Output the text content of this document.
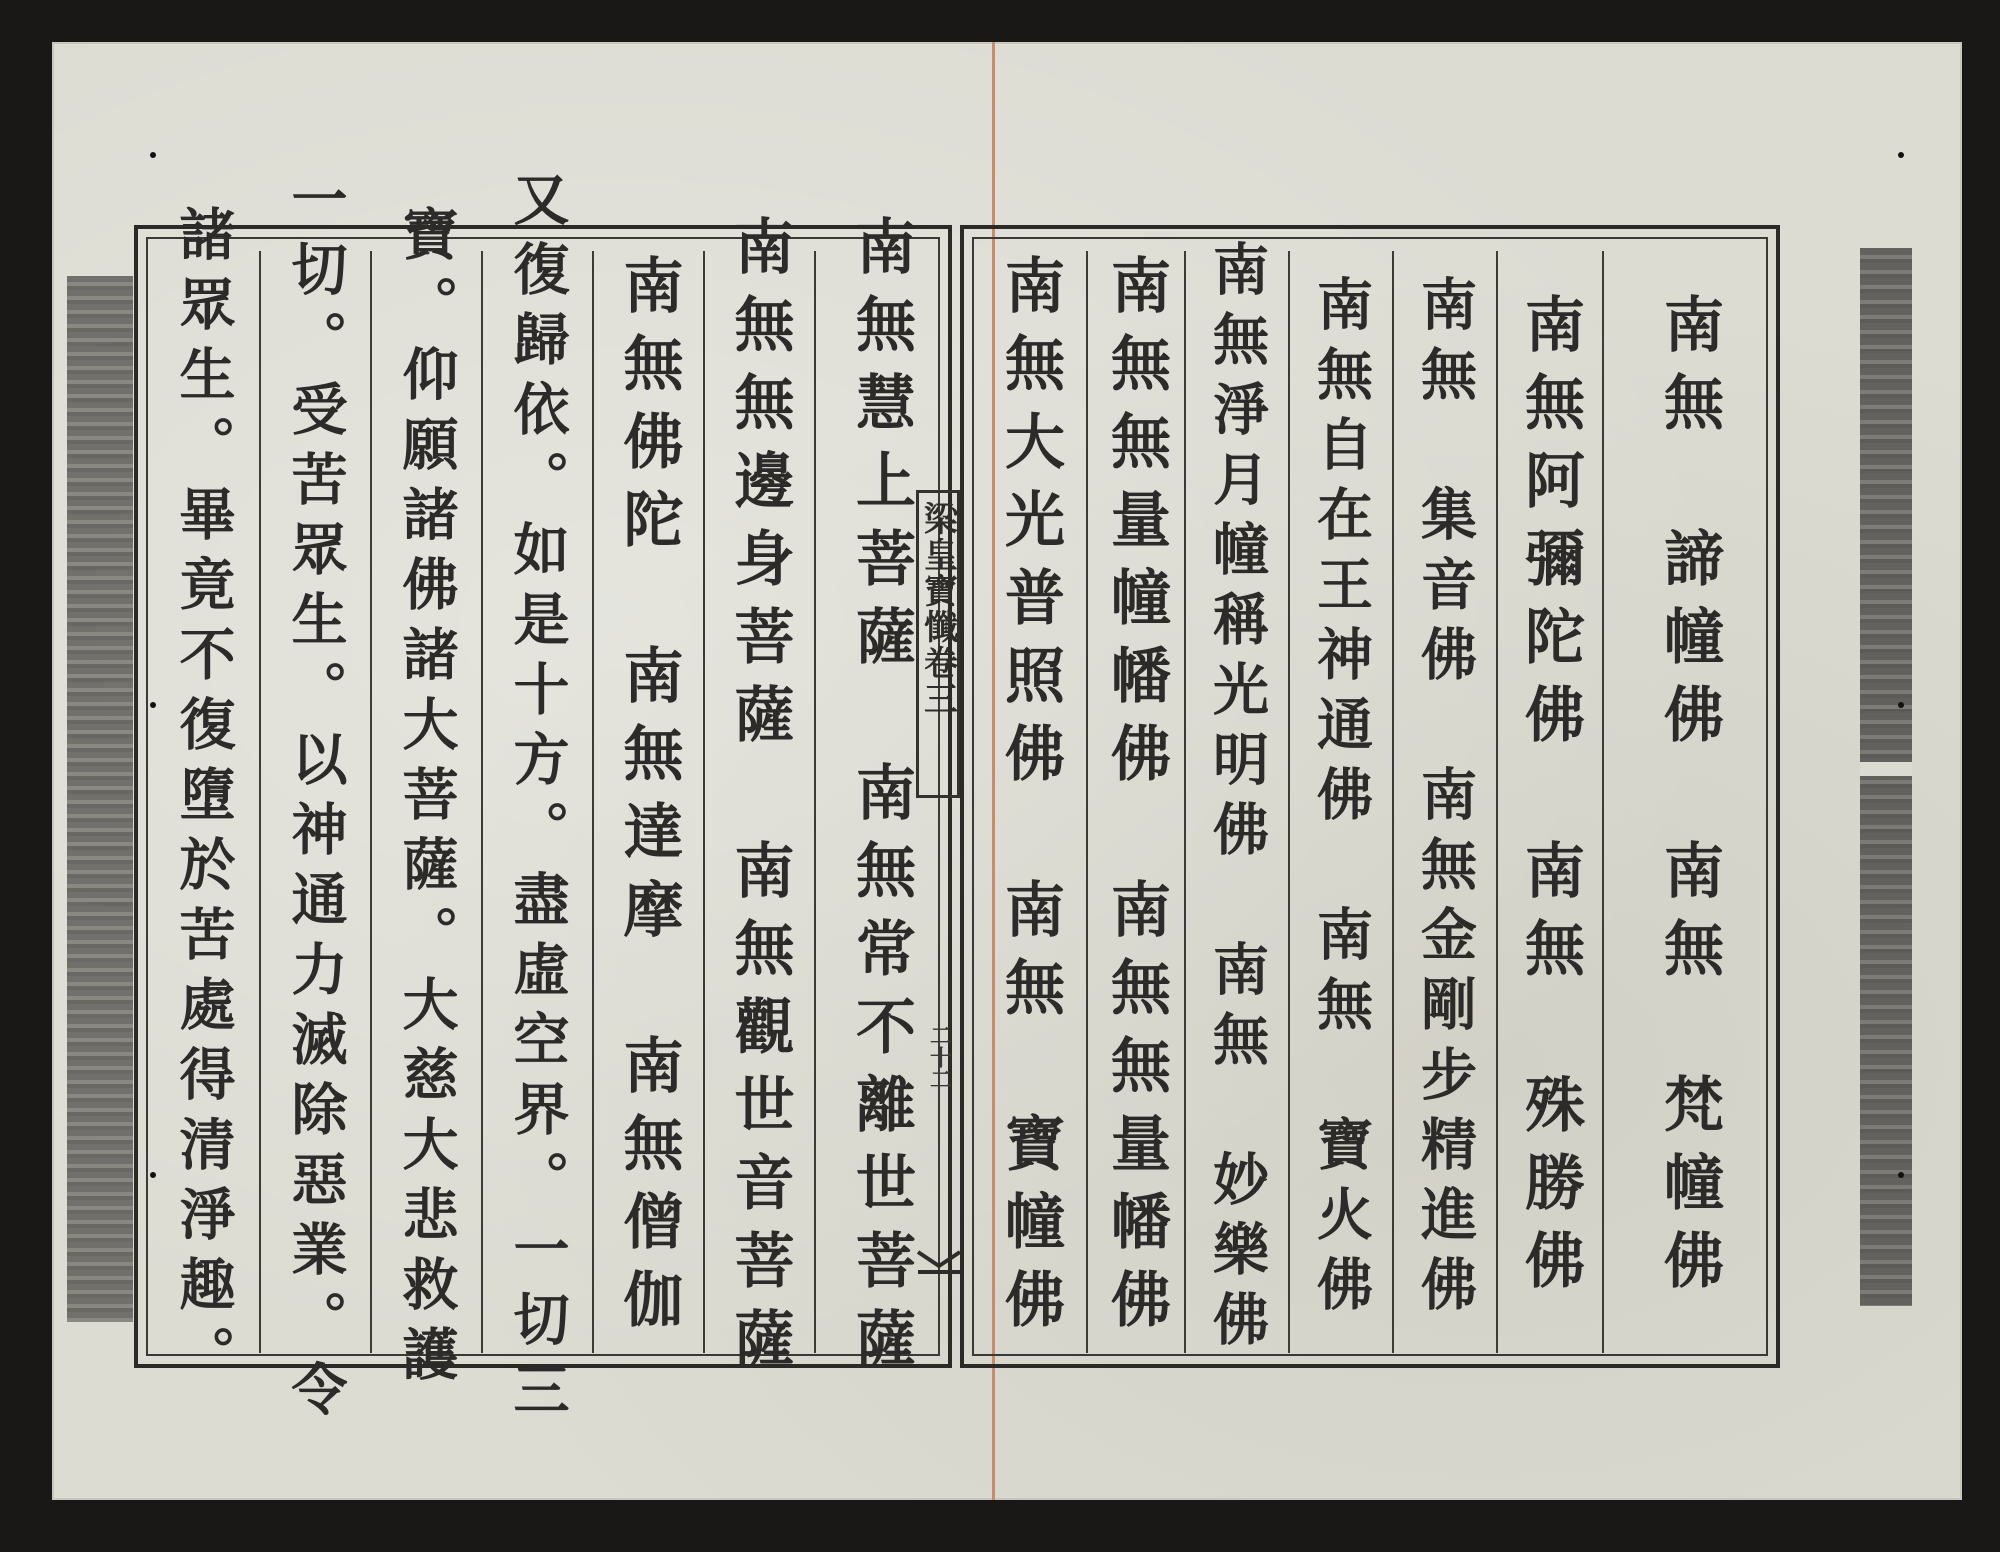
諸眾生。畢竟不復墮於苦處得清淨趣。 一切。受苦眾生。以神通力滅除惡業。令 寶。仰願諸佛諸大菩薩。大慈大悲救護 又復歸依。如是十方。盡虛空界。一切三 南無佛陀　南無達摩　南無僧伽 南無無邊身菩薩　南無觀世音菩薩 南無慧上菩薩　南無常不離世菩薩 梁皇寶懺卷三
二十二 南無大光普照佛　南無　寶幢佛 南無無量幢幡佛　南無無量幡佛 南無淨月幢稱光明佛　南無　妙樂佛 南無自在王神通佛　南無　寶火佛 南無　集音佛　南無金剛步精進佛 南無阿彌陀佛　南無　殊勝佛	南無　諦幢佛　南無　梵幢佛
